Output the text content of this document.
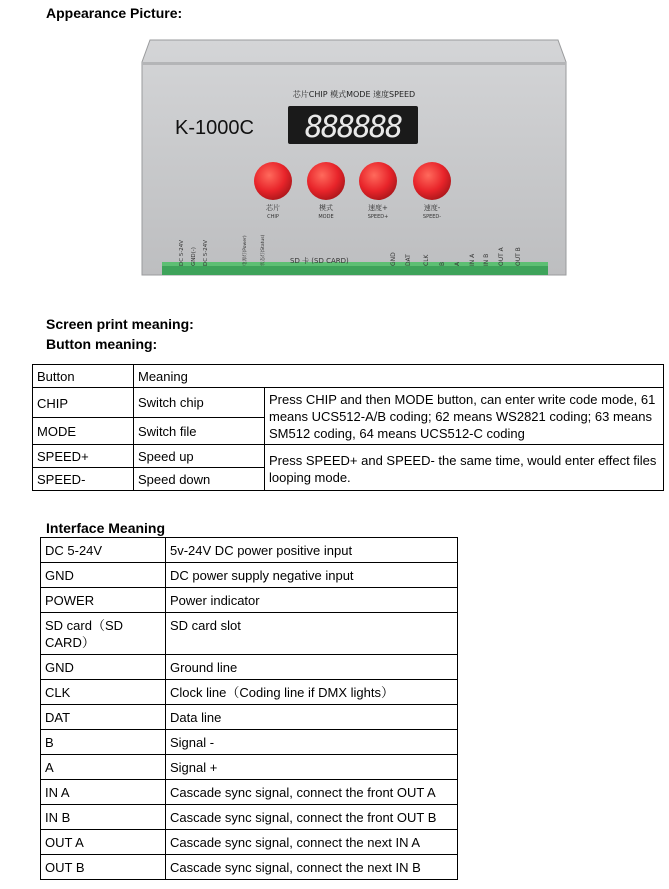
Appearance Picture:
芯片CHIP 模式MODE 速度SPEED
K-1000C 888888
芯片
CHIP
模式
MODE
速度+
SPEED+
速度-
SPEED-
DC 5-24V GND(-) DC 5-24V	电源灯(Power)	状态灯(Status)	SD 卡 (SD CARD)	GND DAT CLK B A IN A IN B OUT A OUT B
Screen print meaning:
Button meaning:
Button	Meaning	
CHIP	Switch chip	Press CHIP and then MODE button, can enter write code mode, 61 means UCS512-A/B coding; 62 means WS2821 coding; 63 means SM512 coding, 64 means UCS512-C coding
MODE	Switch file	
SPEED+	Speed up	Press SPEED+ and SPEED- the same time, would enter effect files looping mode.
SPEED-	Speed down	
Interface Meaning
DC 5-24V	5v-24V DC power positive input
GND	DC power supply negative input
POWER	Power indicator
SD card（SD CARD）	SD card slot
GND	Ground line
CLK	Clock line（Coding line if DMX lights）
DAT	Data line
B	Signal -
A	Signal +
IN A	Cascade sync signal, connect the front OUT A
IN B	Cascade sync signal, connect the front OUT B
OUT A	Cascade sync signal, connect the next IN A
OUT B	Cascade sync signal, connect the next IN B
